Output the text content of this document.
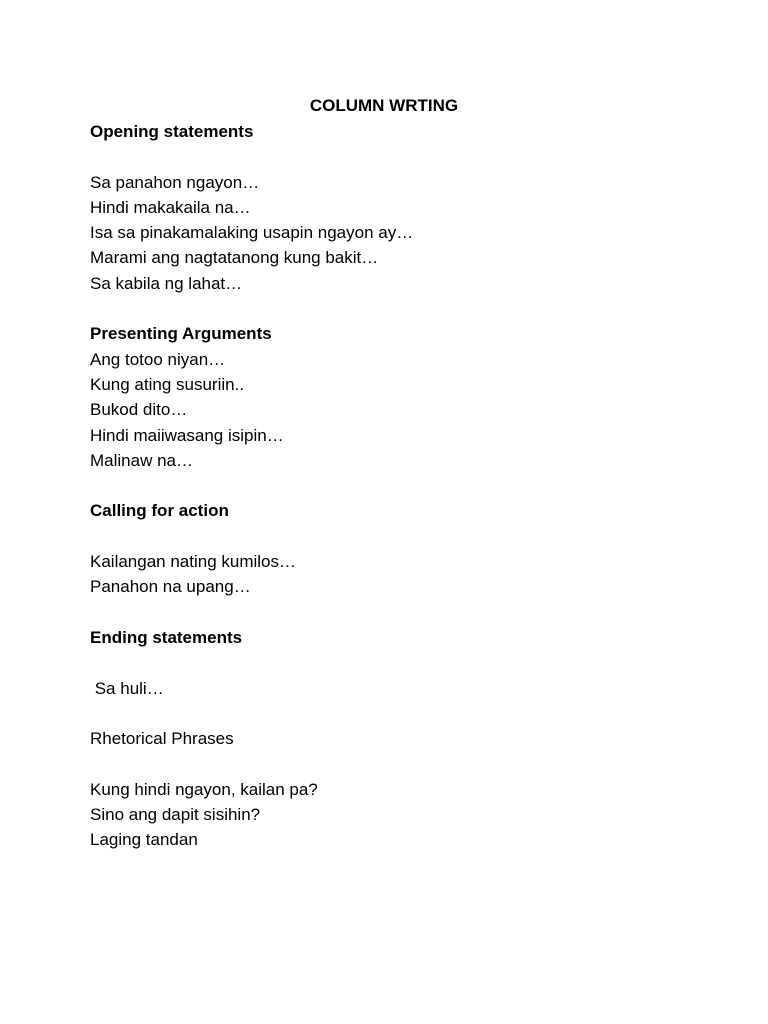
COLUMN WRTING
Opening statements
Sa panahon ngayon…
Hindi makakaila na…
Isa sa pinakamalaking usapin ngayon ay…
Marami ang nagtatanong kung bakit…
Sa kabila ng lahat…
Presenting Arguments
Ang totoo niyan…
Kung ating susuriin..
Bukod dito…
Hindi maiiwasang isipin…
Malinaw na…
Calling for action
Kailangan nating kumilos…
Panahon na upang…
Ending statements
Sa huli…
Rhetorical Phrases
Kung hindi ngayon, kailan pa?
Sino ang dapit sisihin?
Laging tandan
